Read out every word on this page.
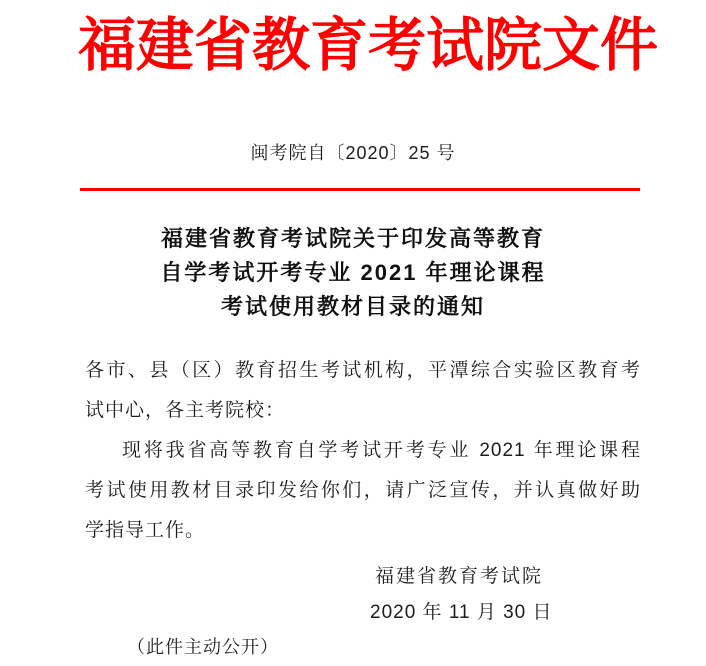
福建省教育考试院文件
闽考院自〔2020〕25 号
福建省教育考试院关于印发高等教育
自学考试开考专业 2021 年理论课程
考试使用教材目录的通知
各市、县（区）教育招生考试机构，平潭综合实验区教育考
试中心，各主考院校：
现将我省高等教育自学考试开考专业 2021 年理论课程
考试使用教材目录印发给你们，请广泛宣传，并认真做好助
学指导工作。
福建省教育考试院
2020 年 11 月 30 日
（此件主动公开）
